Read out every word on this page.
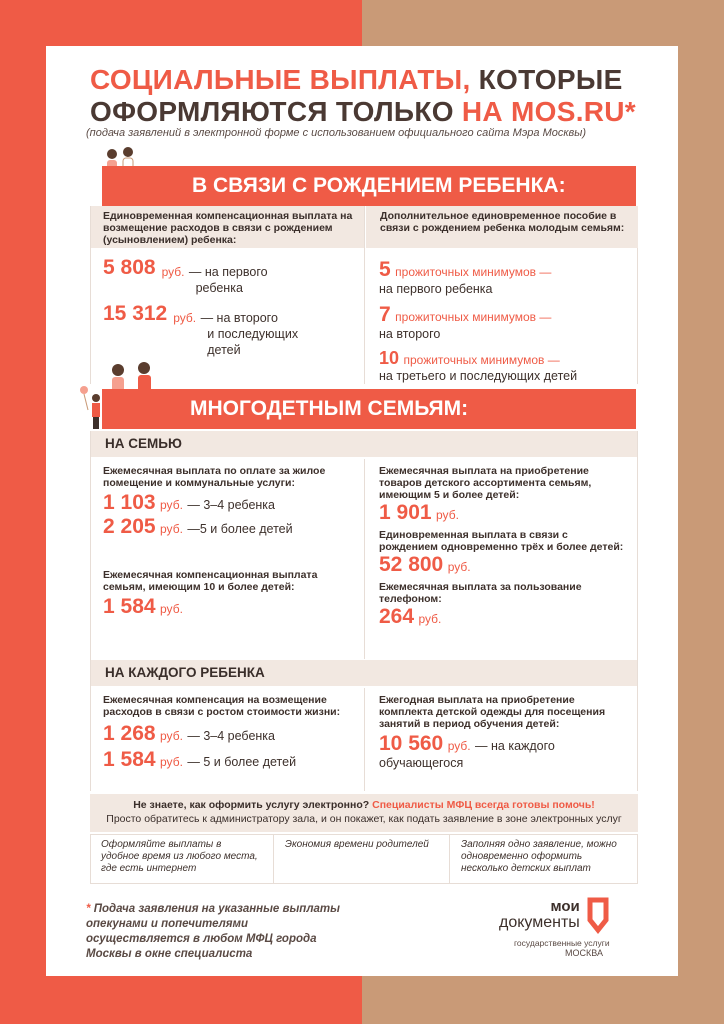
СОЦИАЛЬНЫЕ ВЫПЛАТЫ, КОТОРЫЕ
ОФОРМЛЯЮТСЯ ТОЛЬКО НА MOS.RU*
(подача заявлений в электронной форме с использованием официального сайта Мэра Москвы)
В СВЯЗИ С РОЖДЕНИЕМ РЕБЕНКА:
Единовременная компенсационная выплата на возмещение расходов в связи с рождением (усыновлением) ребенка:
Дополнительное единовременное пособие в связи с рождением ребенка молодым семьям:
5 808 руб. — на первого
ребенка
15 312 руб. — на второго
и последующих
детей
5 прожиточных минимумов —
на первого ребенка
7 прожиточных минимумов —
на второго
10 прожиточных минимумов —
на третьего и последующих детей
МНОГОДЕТНЫМ СЕМЬЯМ:
НА СЕМЬЮ
Ежемесячная выплата по оплате за жилое помещение и коммунальные услуги:
1 103 руб. — 3–4 ребенка
2 205 руб. —5 и более детей
Ежемесячная компенсационная выплата семьям, имеющим 10 и более детей:
1 584 руб.
Ежемесячная выплата на приобретение товаров детского ассортимента семьям, имеющим 5 и более детей:
1 901 руб.
Единовременная выплата в связи с рождением одновременно трёх и более детей:
52 800 руб.
Ежемесячная выплата за пользование телефоном:
264 руб.
НА КАЖДОГО РЕБЕНКА
Ежемесячная компенсация на возмещение расходов в связи с ростом стоимости жизни:
1 268 руб. — 3–4 ребенка
1 584 руб. — 5 и более детей
Ежегодная выплата на приобретение комплекта детской одежды для посещения занятий в период обучения детей:
10 560 руб. — на каждого
обучающегося
Не знаете, как оформить услугу электронно? Специалисты МФЦ всегда готовы помочь!
Просто обратитесь к администратору зала, и он покажет, как подать заявление в зоне электронных услуг
Оформляйте выплаты в удобное время из любого места, где есть интернет
Экономия времени родителей	Заполняя одно заявление, можно одновременно оформить несколько детских выплат
* Подача заявления на указанные выплаты опекунами и попечителями осуществляется в любом МФЦ города Москвы в окне специалиста
мои
документы
государственные услуги
МОСКВА
